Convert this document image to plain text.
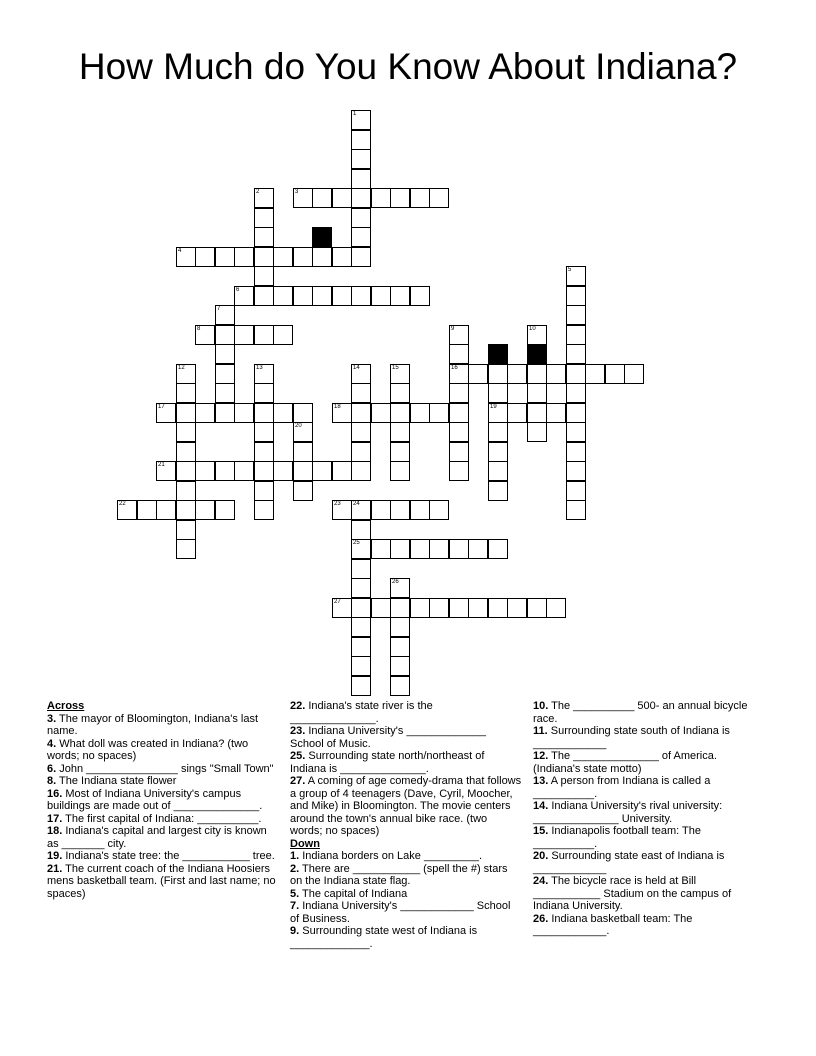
How Much do You Know About Indiana?
1
2	3
4
5
6
7
8	9
16
10
19
12	13	14	15
17	18
20
21
22	23 24
25
26
27
Across
3. The mayor of Bloomington, Indiana's last name.
4. What doll was created in Indiana? (two words; no spaces)
6. John _______________ sings "Small Town"
8. The Indiana state flower
16. Most of Indiana University's campus buildings are made out of ______________.
17. The first capital of Indiana: __________.
18. Indiana's capital and largest city is known as _______ city.
19. Indiana's state tree: the ___________ tree.
21. The current coach of the Indiana Hoosiers mens basketball team. (First and last name; no spaces)
22. Indiana's state river is the ______________.
23. Indiana University's _____________ School of Music.
25. Surrounding state north/northeast of Indiana is ______________.
27. A coming of age comedy-drama that follows a group of 4 teenagers (Dave, Cyril, Moocher, and Mike) in Bloomington. The movie centers around the town's annual bike race. (two words; no spaces)
Down
1. Indiana borders on Lake _________.
2. There are ___________ (spell the #) stars on the Indiana state flag.
5. The capital of Indiana
7. Indiana University's ____________ School of Business.
9. Surrounding state west of Indiana is _____________.
10. The __________ 500- an annual bicycle race.
11. Surrounding state south of Indiana is ____________
12. The ______________ of America. (Indiana's state motto)
13. A person from Indiana is called a __________.
14. Indiana University's rival university: ______________ University.
15. Indianapolis football team: The __________.
20. Surrounding state east of Indiana is ____________
24. The bicycle race is held at Bill ___________ Stadium on the campus of Indiana University.
26. Indiana basketball team: The ____________.
